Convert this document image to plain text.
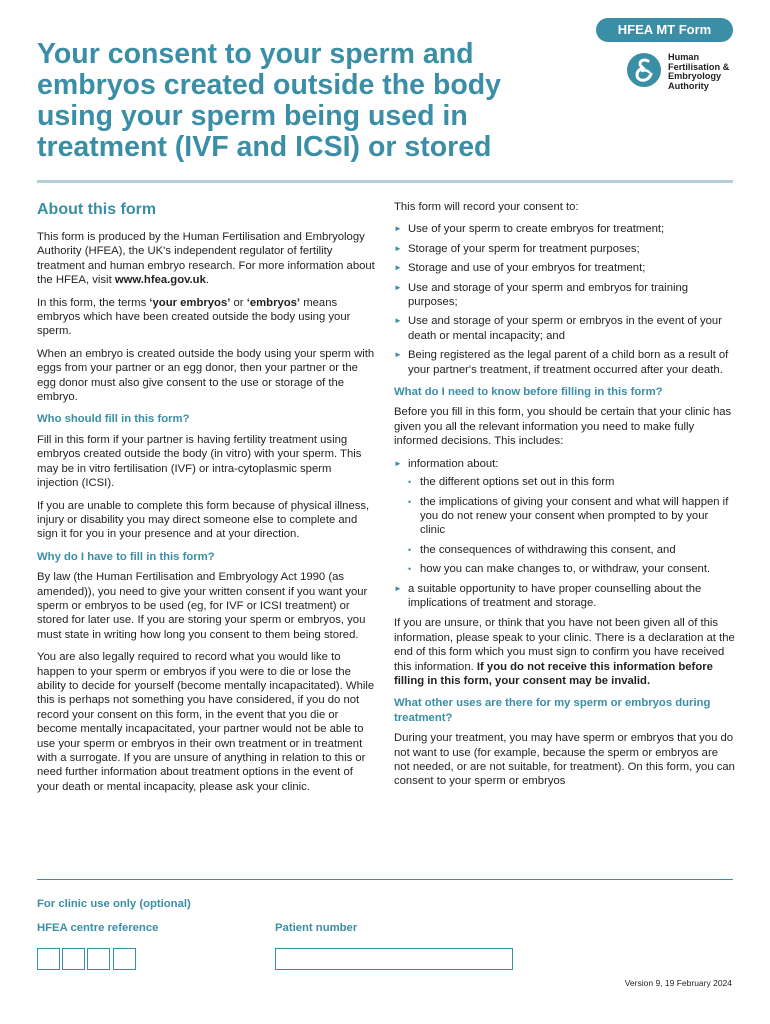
HFEA MT Form
Your consent to your sperm and embryos created outside the body using your sperm being used in treatment (IVF and ICSI) or stored
Human
Fertilisation &
Embryology
Authority
About this form

This form is produced by the Human Fertilisation and Embryology Authority (HFEA), the UK's independent regulator of fertility treatment and human embryo research. For more information about the HFEA, visit www.hfea.gov.uk.

In this form, the terms ‘your embryos’ or ‘embryos’ means embryos which have been created outside the body using your sperm.

When an embryo is created outside the body using your sperm with eggs from your partner or an egg donor, then your partner or the egg donor must also give consent to the use or storage of the embryo.

Who should fill in this form?

Fill in this form if your partner is having fertility treatment using embryos created outside the body (in vitro) with your sperm. This may be in vitro fertilisation (IVF) or intra-cytoplasmic sperm injection (ICSI).

If you are unable to complete this form because of physical illness, injury or disability you may direct someone else to complete and sign it for you in your presence and at your direction.

Why do I have to fill in this form?

By law (the Human Fertilisation and Embryology Act 1990 (as amended)), you need to give your written consent if you want your sperm or embryos to be used (eg, for IVF or ICSI treatment) or stored for later use. If you are storing your sperm or embryos, you must state in writing how long you consent to them being stored.

You are also legally required to record what you would like to happen to your sperm or embryos if you were to die or lose the ability to decide for yourself (become mentally incapacitated). While this is perhaps not something you have considered, if you do not record your consent on this form, in the event that you die or become mentally incapacitated, your partner would not be able to use your sperm or embryos in their own treatment or in treatment with a surrogate. If you are unsure of anything in relation to this or need further information about treatment options in the event of your death or mental incapacity, please ask your clinic.

This form will record your consent to:

► Use of your sperm to create embryos for treatment;
► Storage of your sperm for treatment purposes;
► Storage and use of your embryos for treatment;
► Use and storage of your sperm and embryos for training purposes;
► Use and storage of your sperm or embryos in the event of your death or mental incapacity; and
► Being registered as the legal parent of a child born as a result of your partner's treatment, if treatment occurred after your death.
What do I need to know before filling in this form?

Before you fill in this form, you should be certain that your clinic has given you all the relevant information you need to make fully informed decisions. This includes:

► information about:
• the different options set out in this form
• the implications of giving your consent and what will happen if you do not renew your consent when prompted to by your clinic
• the consequences of withdrawing this consent, and
• how you can make changes to, or withdraw, your consent.
► a suitable opportunity to have proper counselling about the implications of treatment and storage.

If you are unsure, or think that you have not been given all of this information, please speak to your clinic. There is a declaration at the end of this form which you must sign to confirm you have received this information. If you do not receive this information before filling in this form, your consent may be invalid.

What other uses are there for my sperm or embryos during treatment?

During your treatment, you may have sperm or embryos that you do not want to use (for example, because the sperm or embryos are not needed, or are not suitable, for treatment). On this form, you can consent to your sperm or embryos

For clinic use only (optional)
HFEA centre reference	Patient number
Version 9, 19 February 2024
